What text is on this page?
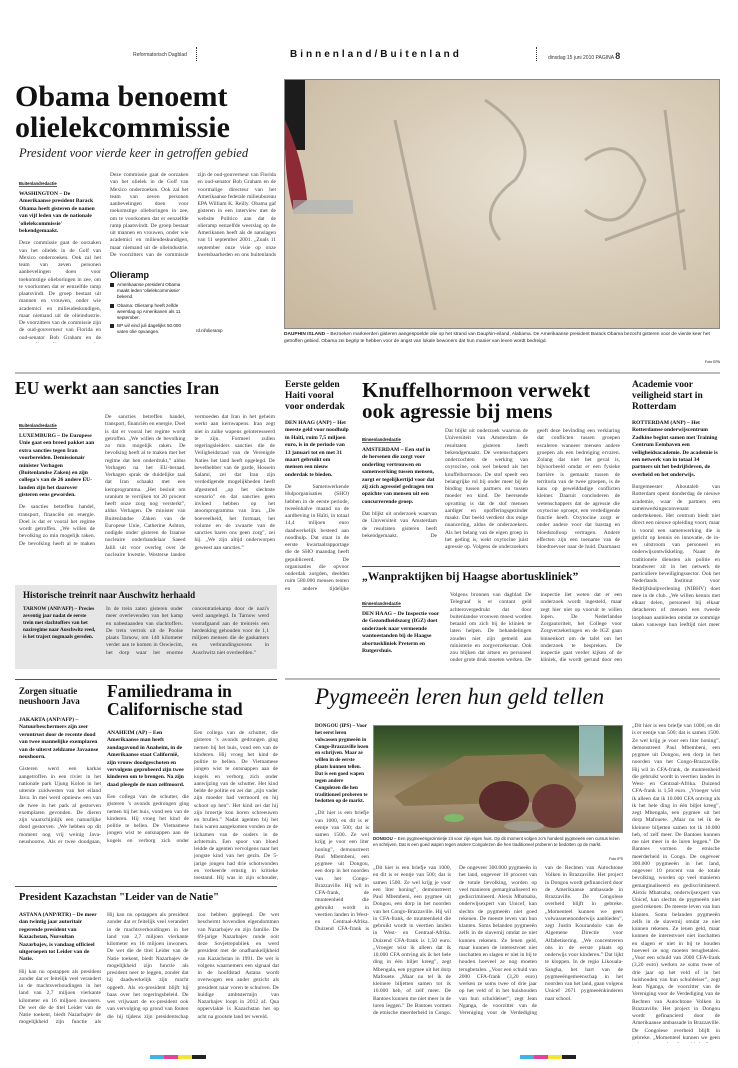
Reformatorisch Dagblad	Binnenland/Buitenland	dinsdag 15 juni 2010 PAGINA 8
Obama benoemt olielekcommissie
President voor vierde keer in getroffen gebied
Buitenlandredactie
WASHINGTON – De Amerikaanse president Barack Obama heeft gisteren de namen van vijf leden van de nationale 'olielekcommissie' bekendgemaakt.
Deze commissie gaat de oorzaken van het olielek in de Golf van Mexico onderzoeken. Ook zal het team van zeven personen aanbevelingen doen voor toekomstige olieboringen in zee, om te voorkomen dat er eenzelfde ramp plaatsvindt. De groep bestaat uit mannen en vrouwen, onder wie academici en milieudeskundigen, maar niemand uit de olieindustrie. De voorzitters van de commissie zijn de oud-gouverneur van Florida en oud-senator Bob Graham en de
Deze commissie gaat de oorzaken van het olielek in de Golf van Mexico onderzoeken. Ook zal het team van zeven personen aanbevelingen doen voor toekomstige olieboringen in zee, om te voorkomen dat er eenzelfde ramp plaatsvindt. De groep bestaat uit mannen en vrouwen, onder wie academici en milieudeskundigen, maar niemand uit de olieindustrie. De voorzitters van de commissie zijn de oud-gouverneur van Florida en oud-senator Bob Graham en de voormalige directeur van het Amerikaanse federale milieubureau EPA William K. Reilly. Obama gaf gisteren in een interview met de website Politico aan dat de olieramp eenzelfde weerslag op de Amerikanen heeft als de aanslagen van 11 september 2001. „Zoals 11 september onze visie op onze kwetsbaarheden en ons buitenlands
Olieramp
Amerikaanse president Obama maakt leden 'olielekcommissie' bekend.
Obama: Olieramp heeft zelfde weerslag op Amerikanen als 11 september.
BP wil eind juli dagelijks 50.000 vaten olie opvangen.	rd.nl/olieramp
DAUPHIN ISLAND – Bezoeken markeerden gisteren aangespoelde olie op het strand van Dauphin-eiland, Alabama. De Amerikaanse president Barack Obama bezocht gisteren voor de vierde keer het getroffen gebied. Obama zei begrip te hebben voor de angst van lokale bewoners dat hun manier van leven wordt bedreigd.
Foto EPA
EU werkt aan sancties Iran
Buitenlandredactie
LUXEMBURG – De Europese Unie gaat een breed pakket aan extra sancties tegen Iran voorbereiden. Demissionair minister Verhagen (Buitenlandse Zaken) en zijn collega's van de 26 andere EU-landen zijn het daarover gisteren eens geworden.
De sancties betreffen handel, transport, financiën en energie. Doel is dat er vooral het regime wordt getroffen. „We willen de bevolking zo min mogelijk raken. De bevolking heeft al te maken
De sancties betreffen handel, transport, financiën en energie. Doel is dat er vooral het regime wordt getroffen. „We willen de bevolking zo min mogelijk raken. De bevolking heeft al te maken met het regime dat hen onderdrukt,” aldus Verhagen na het EU-beraad. Verhagen sprak de duidelijke taal dat Iran schaakt met een kernprogramma. „Het besluit om uranium te verrijken tot 20 procent heeft onze zorg nog versterkt”, aldus Verhagen. De minister van Buitenlandse Zaken van de Europese Unie, Catherine Ashton, nodigde onder gisteren de Iraanse nucleaire onderhandelaar Saeed Jalili uit voor overleg over de nucleaire kwestie. Westerse landen vermoeden dat Iran in het geheim werkt aan kernwapens. Iran zegt niet in zulke wapens geïnteresseerd te zijn. Formeel zullen regeringsleiders sancties die de Veiligheidsraad van de Verenigde Naties het land heeft opgelegd. De bevelhebber van de garde, Hossein Salami, zei dat Iran zijn verdedigende mogelijkheden heeft afgestemd „op het slechtste scenario” en dat sancties geen invloed hebben op het atoomprogramma van Iran. „De hoeveelheid, het formaat, het volume en de zwaarte van de sancties baren ons geen zorg”, zei hij. „We zijn altijd onderworpen geweest aan sancties.”
Eerste gelden Haiti vooral voor onderdak
DEN HAAG (ANP) – Het meeste geld voor noodhulp in Haïti, ruim 7,5 miljoen euro, is in de periode van 13 januari tot en met 31 maart gebruikt om mensen een nieuw onderdak te bieden.
De Samenwerkende Hulporganisaties (SHO) hebben in de eerste periode, tweeënhalve maand na de aardbeving in Haïti, in totaal 14,4 miljoen euro daadwerkelijk besteed aan noodhulp. Dat staat in de eerste kwartaalrapportage die de SHO maandag heeft gepubliceerd. De organisaties die opvoor onderdak zorgden, deelden ruim 580.000 mensen tenten en andere tijdelijke
Knuffelhormoon verwekt ook agressie bij mens
Binnenlandredactie
AMSTERDAM – Een stof in de hersenen die zorgt voor onderling vertrouwen en samenwerking tussen mensen, zorgt er tegelijkertijd voor dat zij zich agressief gedragen ten opzichte van mensen uit een concurrerende groep.
Dat blijkt uit onderzoek waarvan de Universiteit van Amsterdam de resultaten gisteren heeft bekendgemaakt. De
Dat blijkt uit onderzoek waarvan de Universiteit van Amsterdam de resultaten gisteren heeft bekendgemaakt. De wetenschappers onderzochten de werking van oxytocine, ook wel bekend als het knuffelhormoon. De stof speelt een belangrijke rol bij onder meer bij de binding tussen partners en tussen moeder en kind. De heersende opvatting is dat de stof mensen aardiger en opofferingsgezinder maakt. Dat beeld verdient dus enige nuancering, aldus de onderzoekers. Als het belang van de eigen groep in het geding is, wekt oxytocine juist agressie op. Volgens de onderzoekers geeft deze bevinding een verklaring dat conflicten tussen groepen escaleren wanneer mensen andere groepen als een bedreiging ervaren. Zolang dat niet het geval is, bijvoorbeeld omdat er een fysieke barrière is gemaakt tussen de territoria van de twee groepen, is de kans op gewelddadige conflicten kleiner. Daaruit concluderen de wetenschappers dat de agressie die oxytocine oproept, een verdedigende functie heeft. Oxytocine zorgt er onder andere voor dat barstag en bloedstolloop vertragen. Andere effecten zijn een toename van de bloedtoevoer naar de huid. Daarnaast
Academie voor veiligheid start in Rotterdam
ROTTERDAM (ANP) – Het Rotterdamse onderwijscentrum Zadkine begint samen met Training Centrum Eemhaven een veiligheidsacademie. De academie is een netwerk van in totaal 34 partners uit het bedrijfsleven, de overheid en het onderwijs.
Burgemeester Aboutaleb van Rotterdam opent donderdag de nieuwe academie, waar de partners een samenwerkingsconvenant ondertekenen. Het centrum biedt niet direct een nieuwe opleiding voort, maar is vooral een samenwerking die is gericht op kennis en innovatie, de in- en uitstroom van personeel en onderwijsontwikkeling. Naast de traditionele diensten als politie en brandweer zit in het netwerk de particuliere beveiligingssector. Ook het Nederlands Instituut voor Bedrijfshulpverlening (NIBHV) doet mee in de club. „We willen kennis met elkaar delen, personeel bij elkaar detacheren of mensen een tweede loopbaan aanbieden omdat ze sommige taken vanwege hun leeftijd niet meer
Historische treinrit naar Auschwitz herhaald
TARNOW (ANP/AFP) – Precies zeventig jaar nadat de eerste trein met slachtoffers van het naziregime naar Auschwitz reed, is het traject nogmaals gereden.
In de trein zaten gisteren onder meer overlevenden van het kamp en nabestaanden van slachtoffers. De trein vertrok uit de Poolse plaats Tarnow, om 140 kilometer verder aan te komen in Oswiecim, het dorp waar het enorme concentratiekamp door de nazi's werd aangelegd. In Tarnow werd voorafgaand aan de treinreis een herdenking gehouden voor de 1,1 miljoen mensen die de gaskamers en verbrandingsovens in Auschwitz niet overleefden.”
„Wanpraktijken bij Haagse abortuskliniek”
Binnenlandredactie
DEN HAAG – De Inspectie voor de Gezondheidszorg (IGZ) doet onderzoek naar vermeende wantoestanden bij de Haagse abortuskliniek Preterm en Rutgershuis.
Volgens bronnen van dagblad De Telegraaf is er contant geld achterovergedrukt dat door buitenlandse vrouwen moest worden betaald om zich bij de kliniek te laten helpen. De behandelingen zouden niet zijn gemeld aan ministerie en zorgverzekeraar. Ook zou blijken dat artsen en personeel onder grote druk moeten werken. De inspectie liet weten dat er een onderzoek wordt ingesteld, maar zegt hier niet op vooruit te willen lopen. De Nederlandse Zorgautoriteit, het College voor Zorgverzekeringen en de IGZ gaan binnenkort om de tafel om het onderzoek te bespreken. De inspectie gaat verder kijken of de kliniek, die wordt gerund door een
Zorgen situatie neushoorn Java
JAKARTA (ANP/AFP) – Natuurbeschermers zijn zeer verontrust door de recente dood van twee mannelijke exemplaren van de uiterst zeldzame Javaanse neushoorn.
Gisteren werd een karkas aangetroffen in een rivier in het nationale park Ujung Kolon in het uiterste zuidwesten van het eiland Java. In mei werd opnieuw een van de twee in het park al gestorven exemplaren gevonden. De dieren zijn waarschijnlijk een natuurlijke dood gestorven. „We hebben op dit moment nog vrij weinig Java-neushoorns. Als er twee doodgaan,
Familiedrama in Californische stad
ANAHEIM (AP) – Een Amerikaanse man heeft zondagavond in Anaheim, in de Amerikaanse staat Californië, zijn vrouw doodgeschoten en vervolgens geprobeerd zijn twee kinderen om te brengen. Na zijn daad pleegde de man zelfmoord.
Een collega van de schutter, die gisteren ’s avonds gedrongen ging nemen bij het huis, vond een van de kinderen. Hij vroeg het kind de politie te bellen. De Vietnamese jongen wist te ontsnappen aan de kogels en verborg zich onder
Een collega van de schutter, die gisteren ’s avonds gedrongen ging nemen bij het huis, vond een van de kinderen. Hij vroeg het kind de politie te bellen. De Vietnamese jongen wist te ontsnappen aan de kogels en verborg zich onder aanwijzing van de schutter. Het kind belde de politie en zei dat „zijn vader zijn moeder had vermoord en hij schoot op hen”. Het kind zei dat hij zijn broertje kon horen schreeuwen en brullen.” Nadat agenten bij het huis waren aangekomen vonden ze de lichamen van de ouders in de achtertuin. Een spoor van bloed leidde de agenten vervolgens naar het jongste kind van het gezin. De 5-jarige jongen had drie schotwonden en verkeerde ernstig in kritieke toestand. Hij was in zijn schouder,
President Kazachstan "Leider van de Natie"
ASTANA (ANP/RTR) – De meer dan twintig jaar autoritair regerende president van Kazachstan, Nursultan Nazarbajev, is vandaag officieel uitgeroepen tot Leider van de Natie.
Hij kan nu opstappen als president zonder dat er feitelijk veel verandert in de machtsverhoudingen in het land van 2,7 miljoen vierkante kilometer en 16 miljoen inwoners. De wet die de titel Leider van de Natie toekent, biedt Nazarbajev de mogelijkheid zijn functie als
Hij kan nu opstappen als president zonder dat er feitelijk veel verandert in de machtsverhoudingen in het land van 2,7 miljoen vierkante kilometer en 16 miljoen inwoners. De wet die de titel Leider van de Natie toekent, biedt Nazarbajev de mogelijkheid zijn functie als president neer te leggen, zonder dat hij daadwerkelijk zijn macht opgeeft. Als ex-president blijft hij baas over het regeringsbeleid. De wet vrijwaart de ex-president ook van vervolging op grond van fouten die hij tijdens zijn presidentschap zou hebben gepleegd. De wet beschermt bovendien eigendommen van Nazarbajev en zijn familie. De 69-jarige Nazarbajev runde ooit deze Sovjetrepubliek en werd president met de onafhankelijkheid van Kazachstan in 1991. De wet is volgens waarnemers een signaal dat in de hoofdstad Astana wordt overwogen een ander gezicht als president naar voren te schuiven. De huidige ambtstermijn van Nazarbajev loopt in 2012 af. Qua oppervlakte is Kazachstan het op acht na grootste land ter wereld.
Pygmeeën leren hun geld tellen
DONGOU (IPS) – Voor het eerst leren volwassen pygmeeën in Congo-Brazzaville lezen en schrijven. Maar ze willen in de eerste plaats kunnen tellen. Dat is een goed wapen tegen andere Congolezen die hen traditioneel proberen te bedotten op de markt.
„Dit hier is een briefje van 1000, en dit is er eentje van 500; dat is samen 1500. Ze wel krijg je voor een liter honing”, demonstreert Paul Mbembeni, een pygmee uit Dongou, een dorp in het noorden van het Congo-Brazzaville. Hij wil in CFA-frank, de munteenheid die gebruikt wordt in veertien landen in West- en Centraal-Afrika. Duizend CFA-frank is
DONGOU – Een pygmeeëngezinnetje zit voor zijn eigen huis. Op dit moment volgen zo'n honderd pygmeeën een cursus lezen en schrijven. Dat is een goed wapen tegen andere Congolezen die hen traditioneel proberen te bedotten op de markt.
Foto IPS
„Dit hier is een briefje van 1000, en dit is er eentje van 500; dat is samen 1500. Ze wel krijg je voor een liter honing”, demonstreert Paul Mbembeni, een pygmee uit Dongou, een dorp in het noorden van het Congo-Brazzaville. Hij wil in CFA-frank, de munteenheid die gebruikt wordt in veertien landen in West- en Centraal-Afrika. Duizend CFA-frank is 1,50 euro. „Vroeger wist ik alleen dat ik 10.000 CFA ontving als ik het hele ding in één biljet kreeg”, zegt Mbengala, een pygmee uit het dorp Mafouete. „Maar nu tel ik de kleinere biljetten samen tot ik 10.000 heb, of zelf meer. De Bantoes kunnen me niet meer in de luren leggen.” De Bantoes vormen de etnische meerderheid in Congo. De ongeveer 300.000 pygmeeën in het land, ongeveer 10 procent van de totale bevolking, worden op veel manieren gemarginaliseerd en gediscrimineerd. Alexis Mbatsaba, onderwijsexpert van Unicef, kan slechts de pygmeeën niet goed rekenen. De meeste leven van hun klanten. Soms belanden pygmeeën zelfs in de slavernij omdat ze niet kunnen rekenen. Ze lenen geld, maar kunnen de interestvoet niet inschatten en slagen er niet in bij te houden hoeveel ze nog moeten terugbetalen. „Voor een schuld van 2000 CFA-frank (3,20 euro) werken ze soms twee of drie jaar op het veld of in het huishouden van hun schuldeiser”, zegt Jean Nganga, de voorzitter van de Vereniging voor de Verdediging van de Rechten van Autochtone Volken in Brazzaville. Het project in Dongou wordt gefinancierd door de Amerikaanse ambassade in Brazzaville. De Congolese overheid blijft in gebreke. „Momenteel kunnen we geen volwassenenonderwijs aanbieden”, zegt Justin Kourandolo van de Algemene Directie voor Alfabetisering. „We concentreren ons in de eerste plaats op onderwijs voor kinderen.” Dat lijkt te kloppen. In de regio Likouala-Sangha, het hart van de pygmeeëngemeenschap in het noorden van het land, gaan volgens Unicef 2671 pygmeeënkinderen naar school.
„Dit hier is een briefje van 1000, en dit is er eentje van 500; dat is samen 1500. Ze wel krijg je voor een liter honing”, demonstreert Paul Mbembeni, een pygmee uit Dongou, een dorp in het noorden van het Congo-Brazzaville. Hij wil in CFA-frank, de munteenheid die gebruikt wordt in veertien landen in West- en Centraal-Afrika. Duizend CFA-frank is 1,50 euro. „Vroeger wist ik alleen dat ik 10.000 CFA ontving als ik het hele ding in één biljet kreeg”, zegt Mbengala, een pygmee uit het dorp Mafouete. „Maar nu tel ik de kleinere biljetten samen tot ik 10.000 heb, of zelf meer. De Bantoes kunnen me niet meer in de luren leggen.” De Bantoes vormen de etnische meerderheid in Congo. De ongeveer 300.000 pygmeeën in het land, ongeveer 10 procent van de totale bevolking, worden op veel manieren gemarginaliseerd en gediscrimineerd. Alexis Mbatsaba, onderwijsexpert van Unicef, kan slechts de pygmeeën niet goed rekenen. De meeste leven van hun klanten. Soms belanden pygmeeën zelfs in de slavernij omdat ze niet kunnen rekenen. Ze lenen geld, maar kunnen de interestvoet niet inschatten en slagen er niet in bij te houden hoeveel ze nog moeten terugbetalen. „Voor een schuld van 2000 CFA-frank (3,20 euro) werken ze soms twee of drie jaar op het veld of in het huishouden van hun schuldeiser”, zegt Jean Nganga, de voorzitter van de Vereniging voor de Verdediging van de Rechten van Autochtone Volken in Brazzaville. Het project in Dongou wordt gefinancierd door de Amerikaanse ambassade in Brazzaville. De Congolese overheid blijft in gebreke. „Momenteel kunnen we geen
